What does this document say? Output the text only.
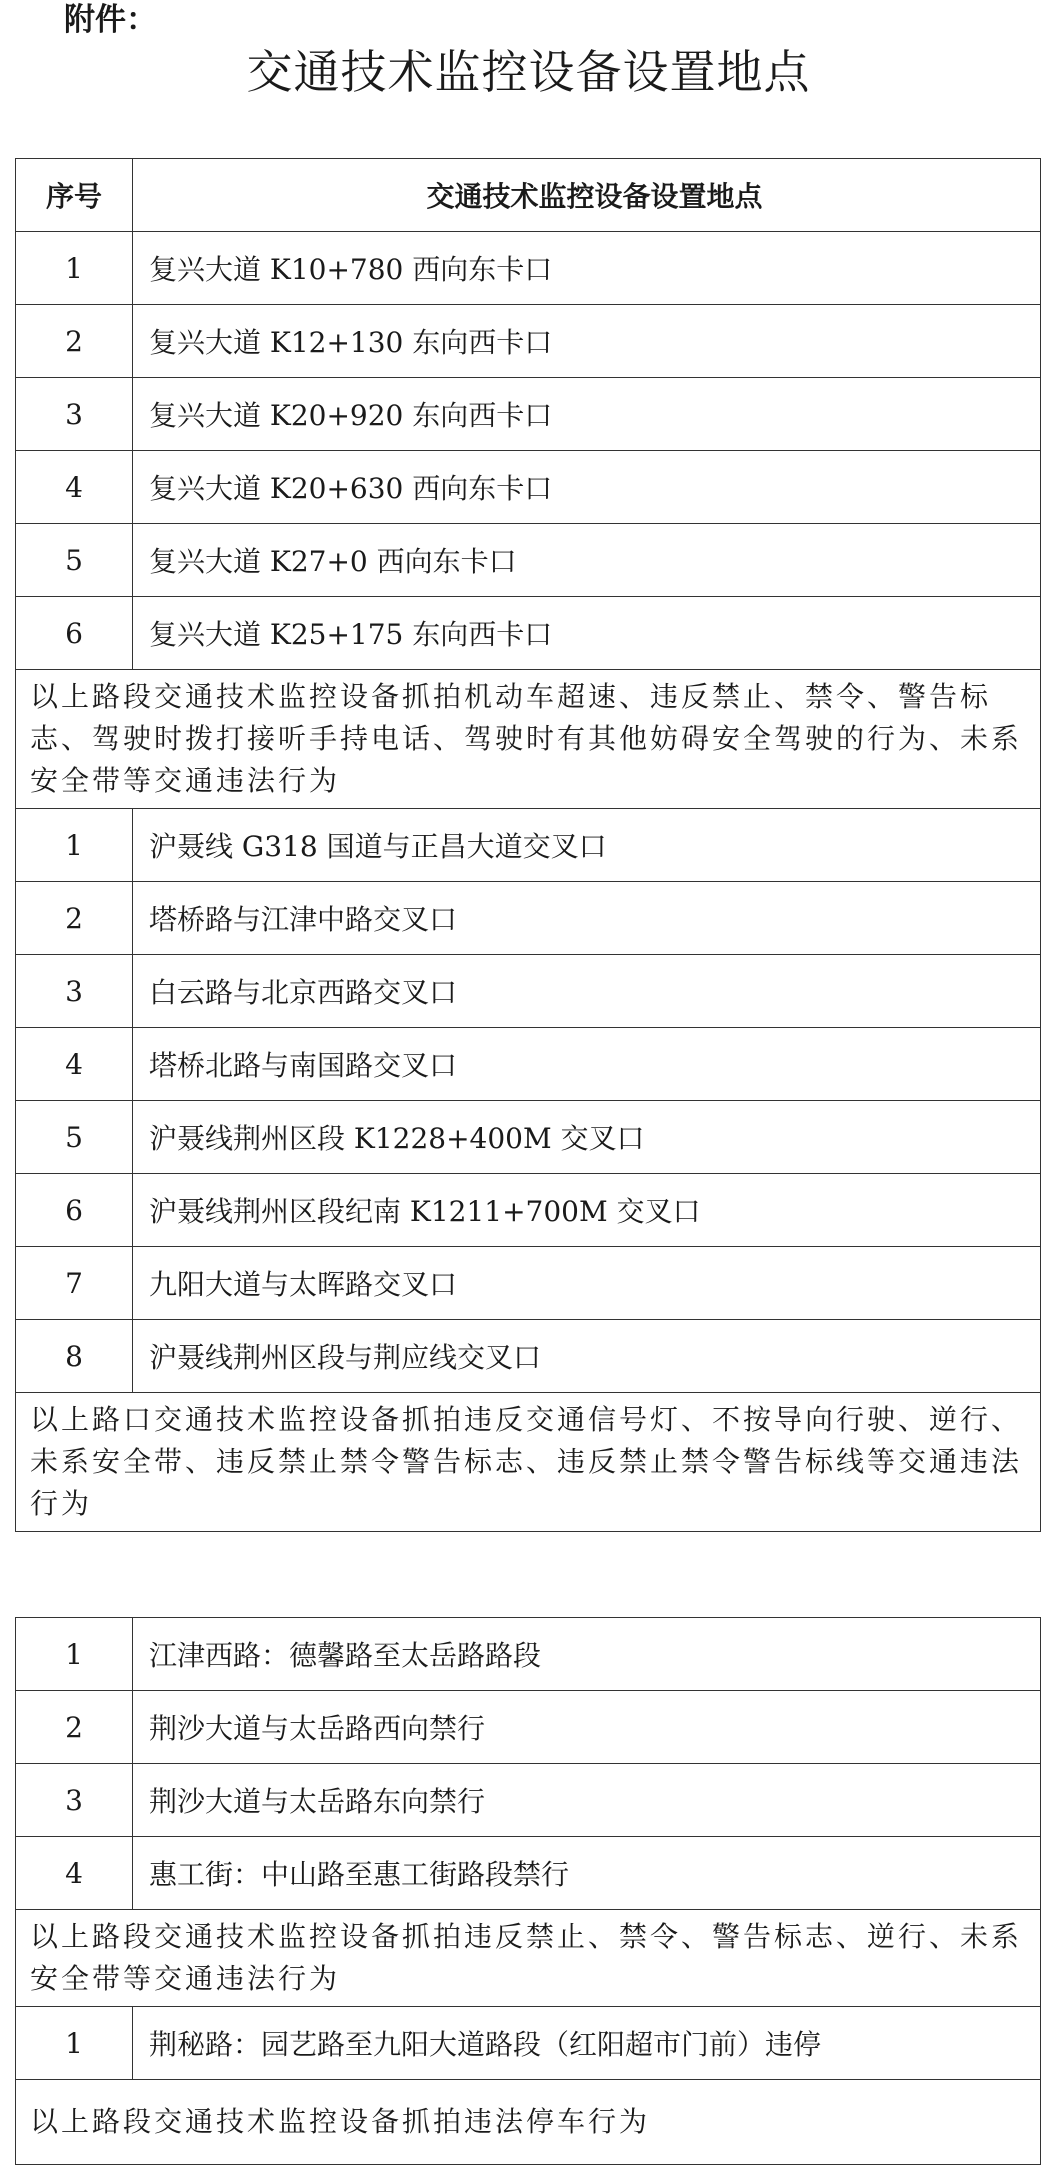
附件：
交通技术监控设备设置地点
序号	交通技术监控设备设置地点
1	复兴大道 K10+780 西向东卡口
2	复兴大道 K12+130 东向西卡口
3	复兴大道 K20+920 东向西卡口
4	复兴大道 K20+630 西向东卡口
5	复兴大道 K27+0 西向东卡口
6	复兴大道 K25+175 东向西卡口
以上路段交通技术监控设备抓拍机动车超速、违反禁止、禁令、警告标志、驾驶时拨打接听手持电话、驾驶时有其他妨碍安全驾驶的行为、未系安全带等交通违法行为	
1	沪聂线 G318 国道与正昌大道交叉口
2	塔桥路与江津中路交叉口
3	白云路与北京西路交叉口
4	塔桥北路与南国路交叉口
5	沪聂线荆州区段 K1228+400M 交叉口
6	沪聂线荆州区段纪南 K1211+700M 交叉口
7	九阳大道与太晖路交叉口
8	沪聂线荆州区段与荆应线交叉口
以上路口交通技术监控设备抓拍违反交通信号灯、不按导向行驶、逆行、未系安全带、违反禁止禁令警告标志、违反禁止禁令警告标线等交通违法行为	
1	江津西路：德馨路至太岳路路段
2	荆沙大道与太岳路西向禁行
3	荆沙大道与太岳路东向禁行
4	惠工街：中山路至惠工街路段禁行
以上路段交通技术监控设备抓拍违反禁止、禁令、警告标志、逆行、未系安全带等交通违法行为	
1	荆秘路：园艺路至九阳大道路段（红阳超市门前）违停
以上路段交通技术监控设备抓拍违法停车行为	
